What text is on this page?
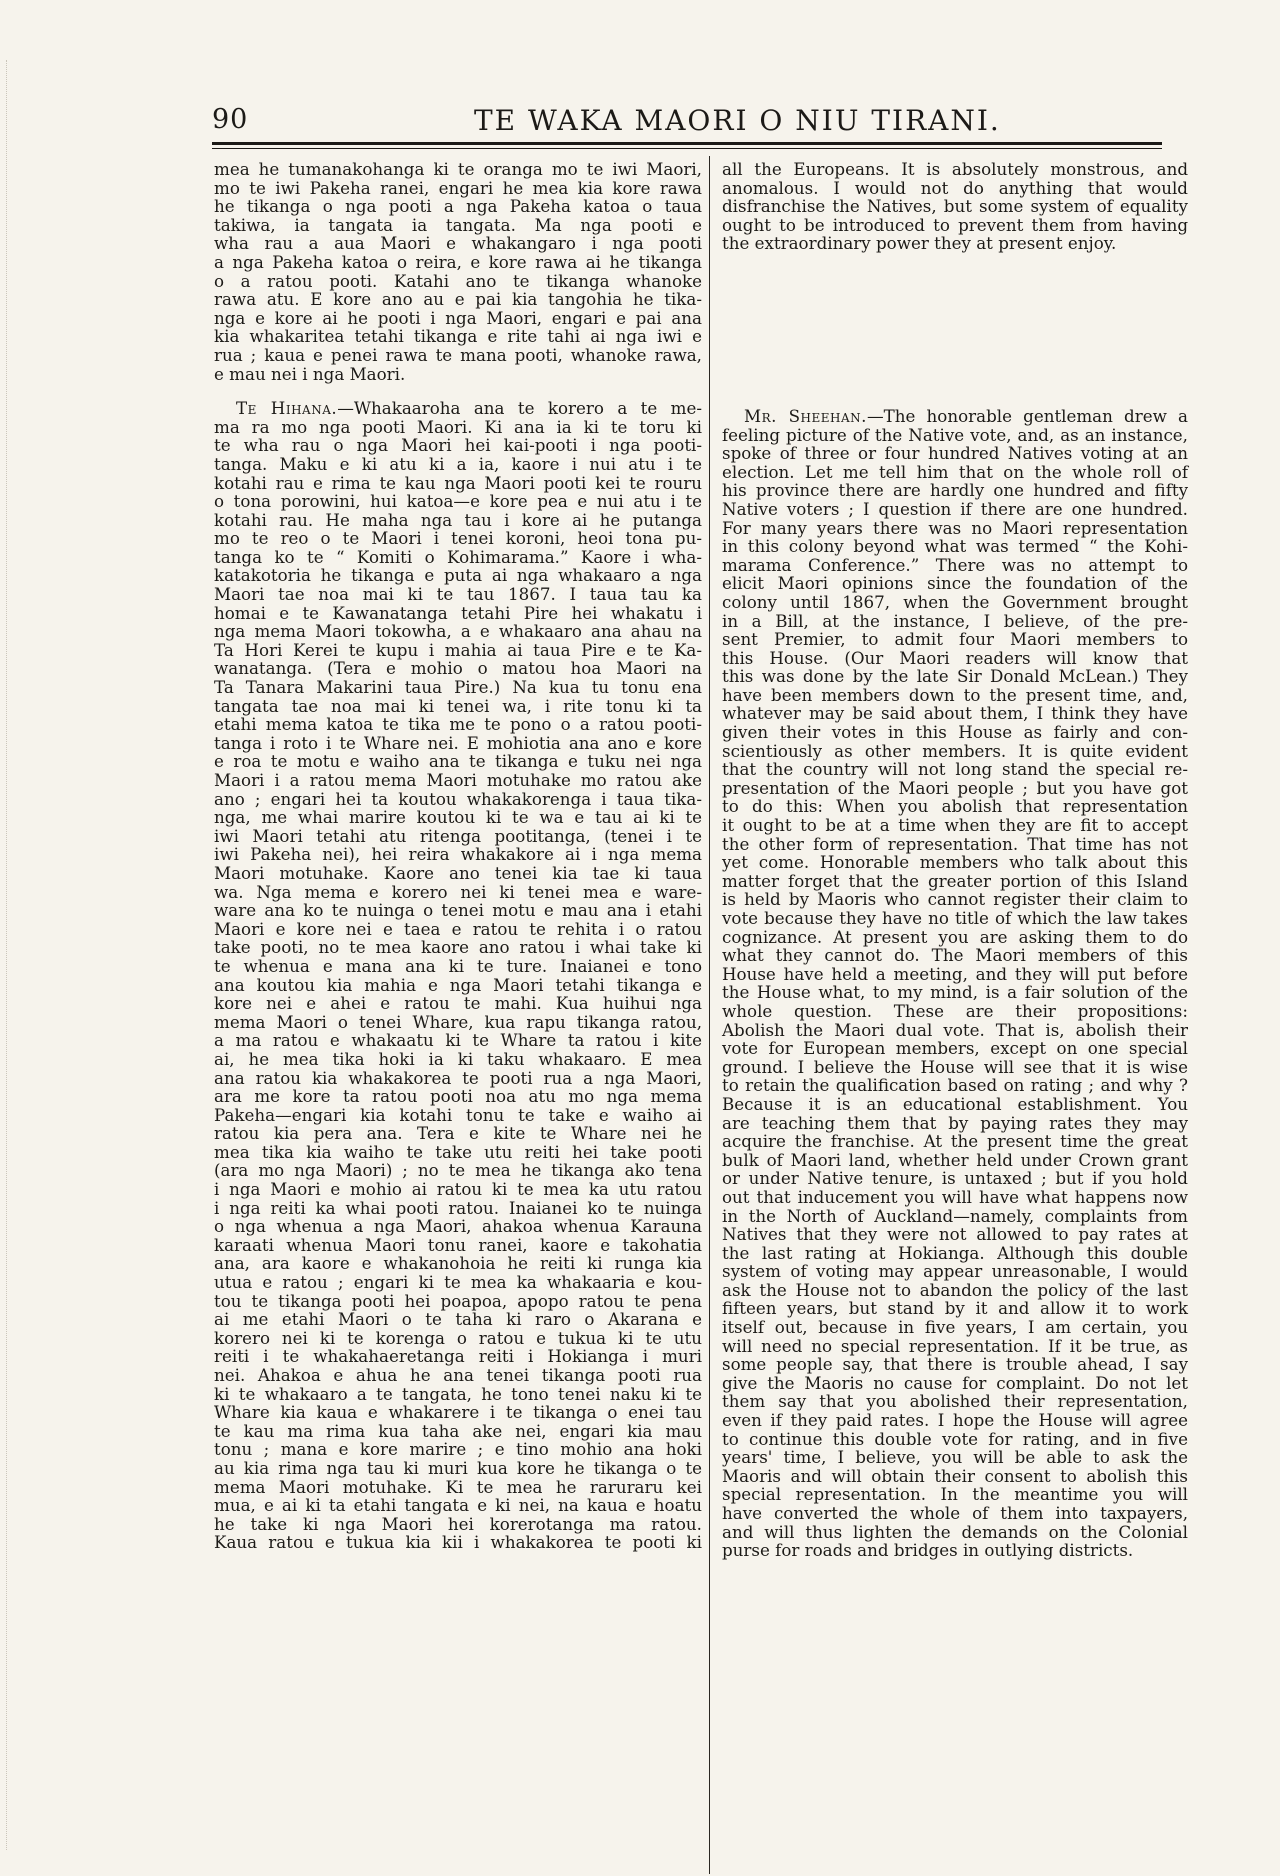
90	TE WAKA MAORI O NIU TIRANI.
mea he tumanakohanga ki te oranga mo te iwi Maori,
mo te iwi Pakeha ranei, engari he mea kia kore rawa
he tikanga o nga pooti a nga Pakeha katoa o taua
takiwa, ia tangata ia tangata. Ma nga pooti e
wha rau a aua Maori e whakangaro i nga pooti
a nga Pakeha katoa o reira, e kore rawa ai he tikanga
o a ratou pooti. Katahi ano te tikanga whanoke
rawa atu. E kore ano au e pai kia tangohia he tika-
nga e kore ai he pooti i nga Maori, engari e pai ana
kia whakaritea tetahi tikanga e rite tahi ai nga iwi e
rua ; kaua e penei rawa te mana pooti, whanoke rawa,
e mau nei i nga Maori.
Te Hihana.—Whakaaroha ana te korero a te me-
ma ra mo nga pooti Maori. Ki ana ia ki te toru ki
te wha rau o nga Maori hei kai-pooti i nga pooti-
tanga. Maku e ki atu ki a ia, kaore i nui atu i te
kotahi rau e rima te kau nga Maori pooti kei te rouru
o tona porowini, hui katoa—e kore pea e nui atu i te
kotahi rau. He maha nga tau i kore ai he putanga
mo te reo o te Maori i tenei koroni, heoi tona pu-
tanga ko te “ Komiti o Kohimarama.” Kaore i wha-
katakotoria he tikanga e puta ai nga whakaaro a nga
Maori tae noa mai ki te tau 1867. I taua tau ka
homai e te Kawanatanga tetahi Pire hei whakatu i
nga mema Maori tokowha, a e whakaaro ana ahau na
Ta Hori Kerei te kupu i mahia ai taua Pire e te Ka-
wanatanga. (Tera e mohio o matou hoa Maori na
Ta Tanara Makarini taua Pire.) Na kua tu tonu ena
tangata tae noa mai ki tenei wa, i rite tonu ki ta
etahi mema katoa te tika me te pono o a ratou pooti-
tanga i roto i te Whare nei. E mohiotia ana ano e kore
e roa te motu e waiho ana te tikanga e tuku nei nga
Maori i a ratou mema Maori motuhake mo ratou ake
ano ; engari hei ta koutou whakakorenga i taua tika-
nga, me whai marire koutou ki te wa e tau ai ki te
iwi Maori tetahi atu ritenga pootitanga, (tenei i te
iwi Pakeha nei), hei reira whakakore ai i nga mema
Maori motuhake. Kaore ano tenei kia tae ki taua
wa. Nga mema e korero nei ki tenei mea e ware-
ware ana ko te nuinga o tenei motu e mau ana i etahi
Maori e kore nei e taea e ratou te rehita i o ratou
take pooti, no te mea kaore ano ratou i whai take ki
te whenua e mana ana ki te ture. Inaianei e tono
ana koutou kia mahia e nga Maori tetahi tikanga e
kore nei e ahei e ratou te mahi. Kua huihui nga
mema Maori o tenei Whare, kua rapu tikanga ratou,
a ma ratou e whakaatu ki te Whare ta ratou i kite
ai, he mea tika hoki ia ki taku whakaaro. E mea
ana ratou kia whakakorea te pooti rua a nga Maori,
ara me kore ta ratou pooti noa atu mo nga mema
Pakeha—engari kia kotahi tonu te take e waiho ai
ratou kia pera ana. Tera e kite te Whare nei he
mea tika kia waiho te take utu reiti hei take pooti
(ara mo nga Maori) ; no te mea he tikanga ako tena
i nga Maori e mohio ai ratou ki te mea ka utu ratou
i nga reiti ka whai pooti ratou. Inaianei ko te nuinga
o nga whenua a nga Maori, ahakoa whenua Karauna
karaati whenua Maori tonu ranei, kaore e takohatia
ana, ara kaore e whakanohoia he reiti ki runga kia
utua e ratou ; engari ki te mea ka whakaaria e kou-
tou te tikanga pooti hei poapoa, apopo ratou te pena
ai me etahi Maori o te taha ki raro o Akarana e
korero nei ki te korenga o ratou e tukua ki te utu
reiti i te whakahaeretanga reiti i Hokianga i muri
nei. Ahakoa e ahua he ana tenei tikanga pooti rua
ki te whakaaro a te tangata, he tono tenei naku ki te
Whare kia kaua e whakarere i te tikanga o enei tau
te kau ma rima kua taha ake nei, engari kia mau
tonu ; mana e kore marire ; e tino mohio ana hoki
au kia rima nga tau ki muri kua kore he tikanga o te
mema Maori motuhake. Ki te mea he raruraru kei
mua, e ai ki ta etahi tangata e ki nei, na kaua e hoatu
he take ki nga Maori hei korerotanga ma ratou.
Kaua ratou e tukua kia kii i whakakorea te pooti ki
all the Europeans. It is absolutely monstrous, and
anomalous. I would not do anything that would
disfranchise the Natives, but some system of equality
ought to be introduced to prevent them from having
the extraordinary power they at present enjoy.
Mr. Sheehan.—The honorable gentleman drew a
feeling picture of the Native vote, and, as an instance,
spoke of three or four hundred Natives voting at an
election. Let me tell him that on the whole roll of
his province there are hardly one hundred and fifty
Native voters ; I question if there are one hundred.
For many years there was no Maori representation
in this colony beyond what was termed “ the Kohi-
marama Conference.” There was no attempt to
elicit Maori opinions since the foundation of the
colony until 1867, when the Government brought
in a Bill, at the instance, I believe, of the pre-
sent Premier, to admit four Maori members to
this House. (Our Maori readers will know that
this was done by the late Sir Donald McLean.) They
have been members down to the present time, and,
whatever may be said about them, I think they have
given their votes in this House as fairly and con-
scientiously as other members. It is quite evident
that the country will not long stand the special re-
presentation of the Maori people ; but you have got
to do this: When you abolish that representation
it ought to be at a time when they are fit to accept
the other form of representation. That time has not
yet come. Honorable members who talk about this
matter forget that the greater portion of this Island
is held by Maoris who cannot register their claim to
vote because they have no title of which the law takes
cognizance. At present you are asking them to do
what they cannot do. The Maori members of this
House have held a meeting, and they will put before
the House what, to my mind, is a fair solution of the
whole question. These are their propositions:
Abolish the Maori dual vote. That is, abolish their
vote for European members, except on one special
ground. I believe the House will see that it is wise
to retain the qualification based on rating ; and why ?
Because it is an educational establishment. You
are teaching them that by paying rates they may
acquire the franchise. At the present time the great
bulk of Maori land, whether held under Crown grant
or under Native tenure, is untaxed ; but if you hold
out that inducement you will have what happens now
in the North of Auckland—namely, complaints from
Natives that they were not allowed to pay rates at
the last rating at Hokianga. Although this double
system of voting may appear unreasonable, I would
ask the House not to abandon the policy of the last
fifteen years, but stand by it and allow it to work
itself out, because in five years, I am certain, you
will need no special representation. If it be true, as
some people say, that there is trouble ahead, I say
give the Maoris no cause for complaint. Do not let
them say that you abolished their representation,
even if they paid rates. I hope the House will agree
to continue this double vote for rating, and in five
years' time, I believe, you will be able to ask the
Maoris and will obtain their consent to abolish this
special representation. In the meantime you will
have converted the whole of them into taxpayers,
and will thus lighten the demands on the Colonial
purse for roads and bridges in outlying districts.
